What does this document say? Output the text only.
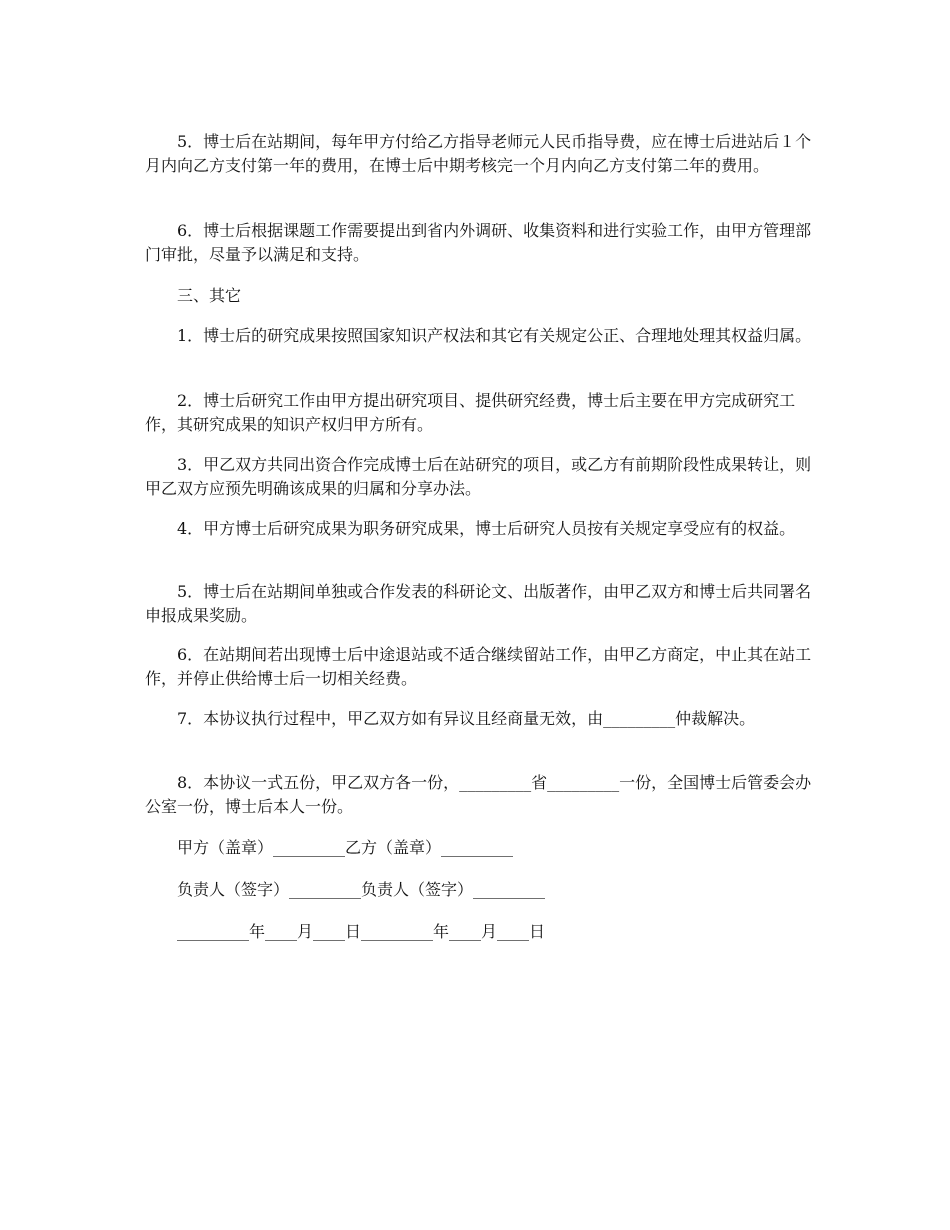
5．博士后在站期间，每年甲方付给乙方指导老师元人民币指导费，应在博士后进站后１个月内向乙方支付第一年的费用，在博士后中期考核完一个月内向乙方支付第二年的费用。

6．博士后根据课题工作需要提出到省内外调研、收集资料和进行实验工作，由甲方管理部门审批，尽量予以满足和支持。

三、其它

1．博士后的研究成果按照国家知识产权法和其它有关规定公正、合理地处理其权益归属。

2．博士后研究工作由甲方提出研究项目、提供研究经费，博士后主要在甲方完成研究工作，其研究成果的知识产权归甲方所有。

3．甲乙双方共同出资合作完成博士后在站研究的项目，或乙方有前期阶段性成果转让，则甲乙双方应预先明确该成果的归属和分享办法。

4．甲方博士后研究成果为职务研究成果，博士后研究人员按有关规定享受应有的权益。

5．博士后在站期间单独或合作发表的科研论文、出版著作，由甲乙双方和博士后共同署名申报成果奖励。

6．在站期间若出现博士后中途退站或不适合继续留站工作，由甲乙方商定，中止其在站工作，并停止供给博士后一切相关经费。

7．本协议执行过程中，甲乙双方如有异议且经商量无效，由_________仲裁解决。

8．本协议一式五份，甲乙双方各一份，_________省_________一份，全国博士后管委会办公室一份，博士后本人一份。

甲方（盖章）_________乙方（盖章）_________

负责人（签字）_________负责人（签字）_________

_________年____月____日_________年____月____日
